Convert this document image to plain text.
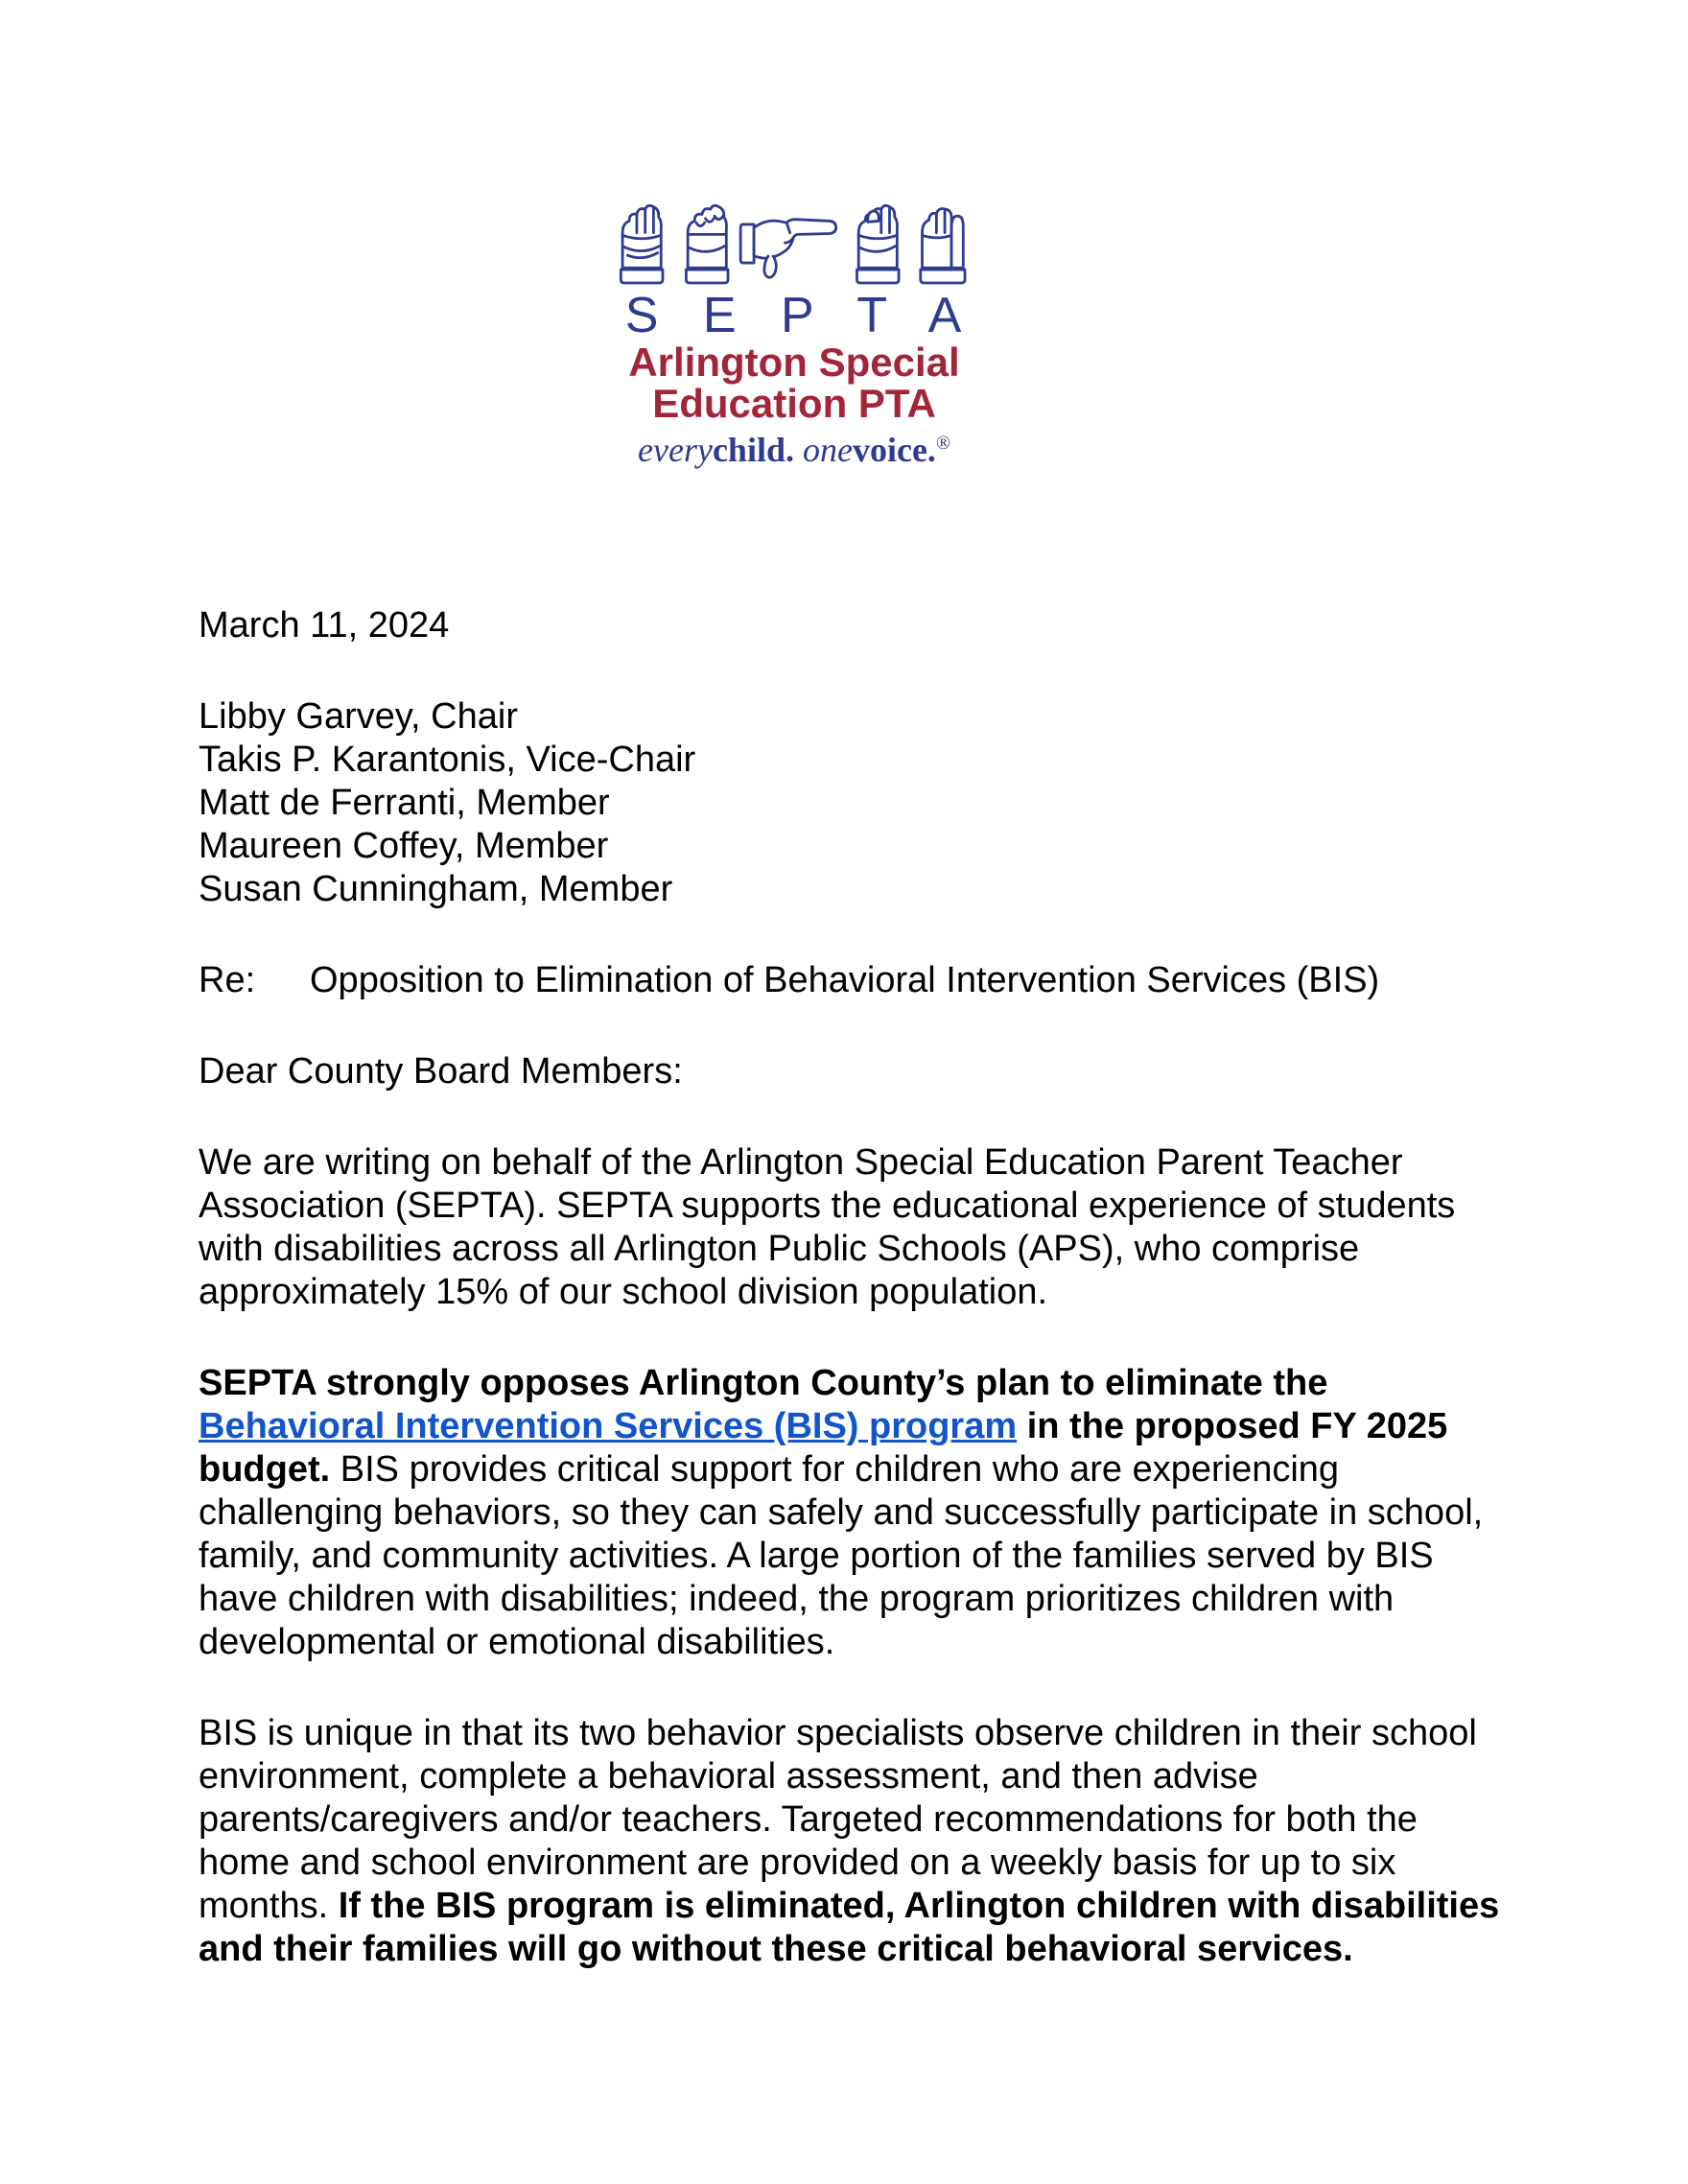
S E P T A
Arlington Special
Education PTA
everychild. onevoice.®
March 11, 2024
Libby Garvey, Chair
Takis P. Karantonis, Vice-Chair
Matt de Ferranti, Member
Maureen Coffey, Member
Susan Cunningham, Member
Re: Opposition to Elimination of Behavioral Intervention Services (BIS)
Dear County Board Members:
We are writing on behalf of the Arlington Special Education Parent Teacher
Association (SEPTA). SEPTA supports the educational experience of students
with disabilities across all Arlington Public Schools (APS), who comprise
approximately 15% of our school division population.
SEPTA strongly opposes Arlington County’s plan to eliminate the
Behavioral Intervention Services (BIS) program in the proposed FY 2025
budget. BIS provides critical support for children who are experiencing
challenging behaviors, so they can safely and successfully participate in school,
family, and community activities. A large portion of the families served by BIS
have children with disabilities; indeed, the program prioritizes children with
developmental or emotional disabilities.
BIS is unique in that its two behavior specialists observe children in their school
environment, complete a behavioral assessment, and then advise
parents/caregivers and/or teachers. Targeted recommendations for both the
home and school environment are provided on a weekly basis for up to six
months. If the BIS program is eliminated, Arlington children with disabilities
and their families will go without these critical behavioral services.
